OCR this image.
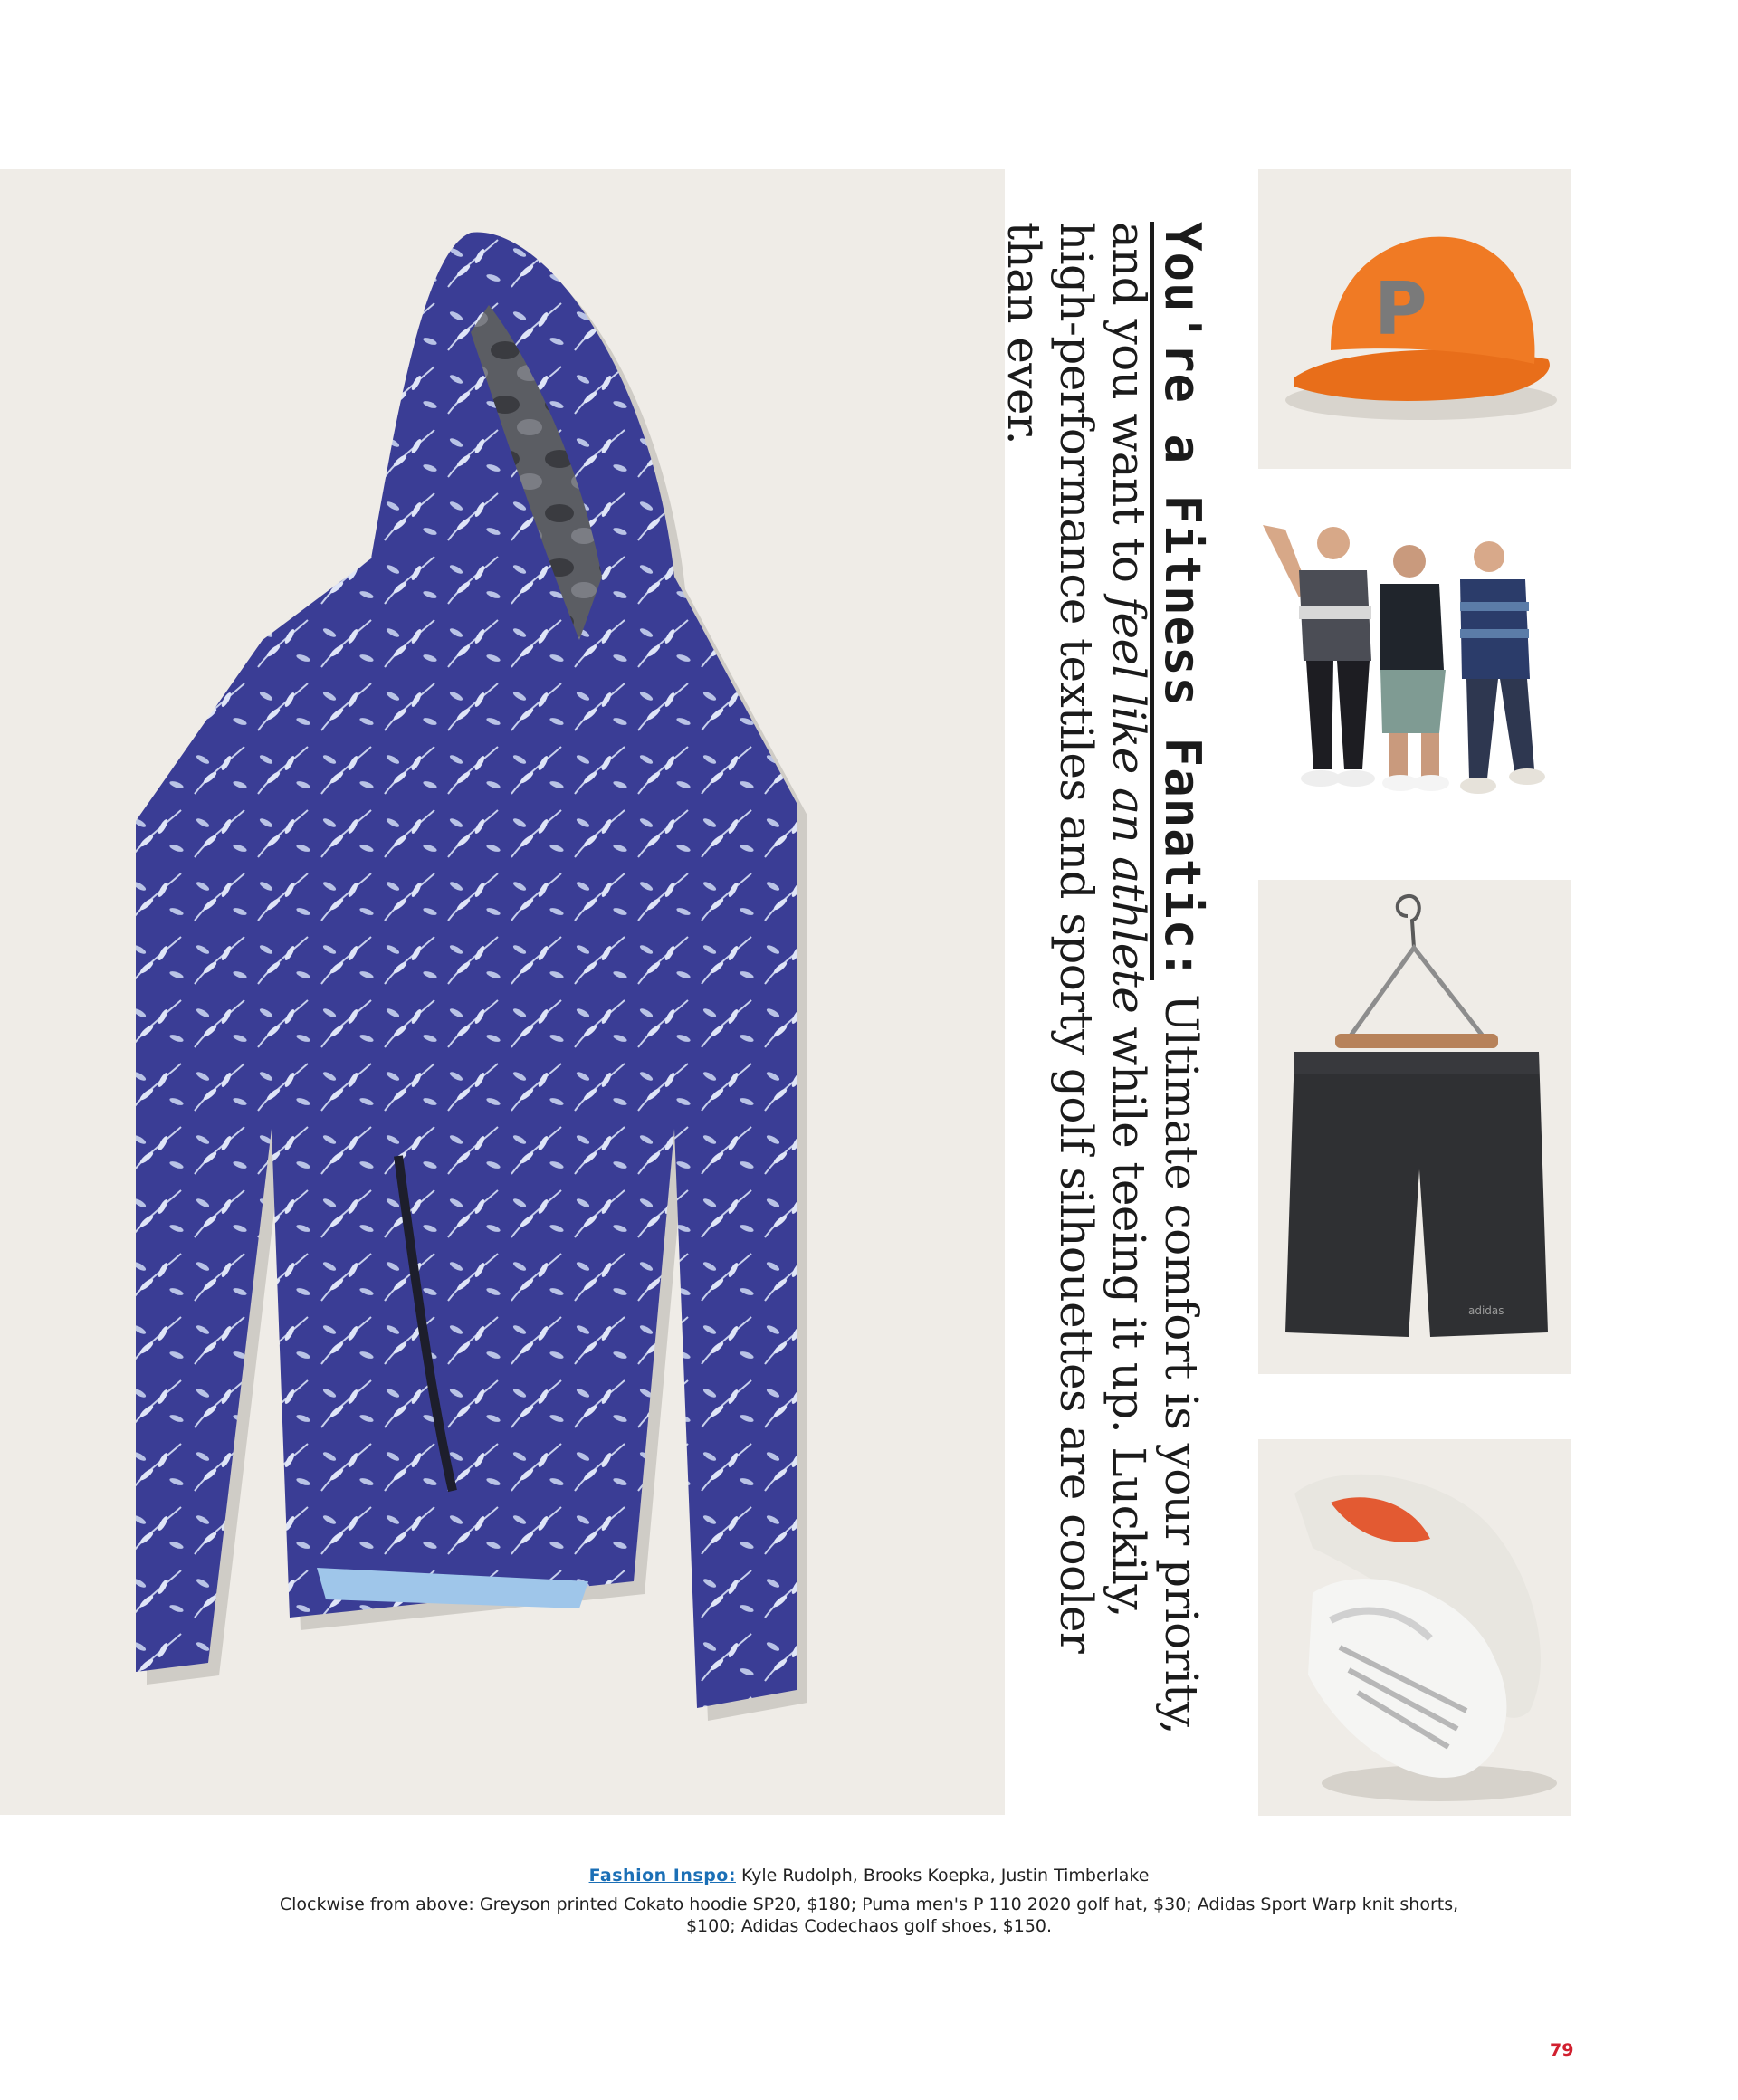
You're a Fitness Fanatic: Ultimate comfort is your priority, and you want to feel like an athlete while teeing it up. Luckily, high-performance textiles and sporty golf silhouettes are cooler than ever.	P
adidas
Fashion Inspo: Kyle Rudolph, Brooks Koepka, Justin Timberlake
Clockwise from above: Greyson printed Cokato hoodie SP20, $180; Puma men's P 110 2020 golf hat, $30; Adidas Sport Warp knit shorts, $100; Adidas Codechaos golf shoes, $150.
79
